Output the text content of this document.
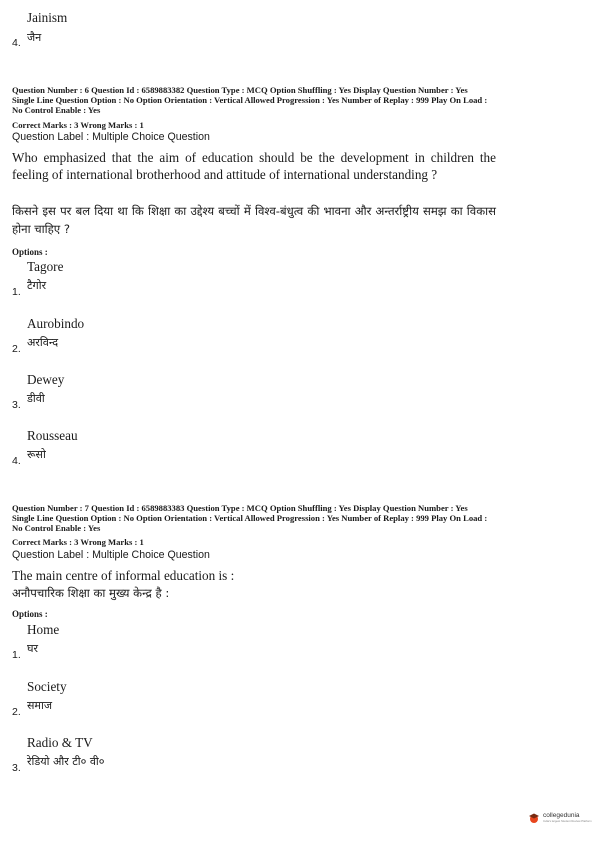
Jainism
जैन
4.
Question Number : 6 Question Id : 6589883382 Question Type : MCQ Option Shuffling : Yes Display Question Number : Yes
Single Line Question Option : No Option Orientation : Vertical Allowed Progression : Yes Number of Replay : 999 Play On Load :
No Control Enable : Yes
Correct Marks : 3 Wrong Marks : 1
Question Label : Multiple Choice Question
Who emphasized that the aim of education should be the development in children the feeling of international brotherhood and attitude of international understanding ?
किसने इस पर बल दिया था कि शिक्षा का उद्देश्य बच्चों में विश्व-बंधुत्व की भावना और अन्तर्राष्ट्रीय समझ का विकास होना चाहिए ?
Options :
Tagore
टैगोर
1.
Aurobindo
अरविन्द
2.
Dewey
डीवी
3.
Rousseau
रूसो
4.
Question Number : 7 Question Id : 6589883383 Question Type : MCQ Option Shuffling : Yes Display Question Number : Yes
Single Line Question Option : No Option Orientation : Vertical Allowed Progression : Yes Number of Replay : 999 Play On Load :
No Control Enable : Yes
Correct Marks : 3 Wrong Marks : 1
Question Label : Multiple Choice Question
The main centre of informal education is :
अनौपचारिक शिक्षा का मुख्य केन्द्र है :
Options :
Home
घर
1.
Society
समाज
2.
Radio & TV
रेडियो और टी० वी०
3.
collegedunia
India's largest Student Review Platform
